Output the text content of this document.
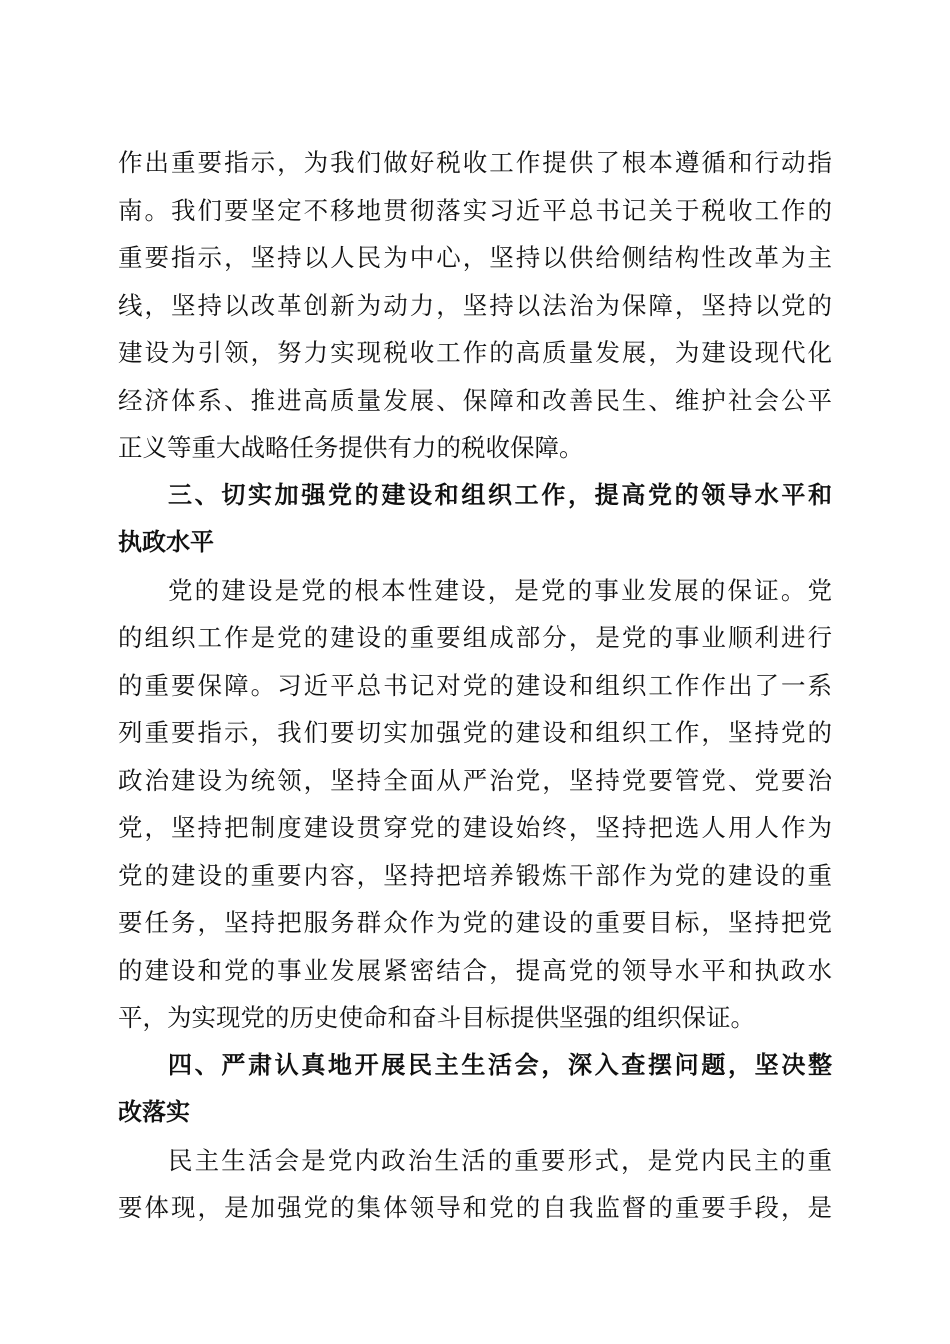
作出重要指示，为我们做好税收工作提供了根本遵循和行动指
南。我们要坚定不移地贯彻落实习近平总书记关于税收工作的
重要指示，坚持以人民为中心，坚持以供给侧结构性改革为主
线，坚持以改革创新为动力，坚持以法治为保障，坚持以党的
建设为引领，努力实现税收工作的高质量发展，为建设现代化
经济体系、推进高质量发展、保障和改善民生、维护社会公平
正义等重大战略任务提供有力的税收保障。
三、切实加强党的建设和组织工作，提高党的领导水平和
执政水平
党的建设是党的根本性建设，是党的事业发展的保证。党
的组织工作是党的建设的重要组成部分，是党的事业顺利进行
的重要保障。习近平总书记对党的建设和组织工作作出了一系
列重要指示，我们要切实加强党的建设和组织工作，坚持党的
政治建设为统领，坚持全面从严治党，坚持党要管党、党要治
党，坚持把制度建设贯穿党的建设始终，坚持把选人用人作为
党的建设的重要内容，坚持把培养锻炼干部作为党的建设的重
要任务，坚持把服务群众作为党的建设的重要目标，坚持把党
的建设和党的事业发展紧密结合，提高党的领导水平和执政水
平，为实现党的历史使命和奋斗目标提供坚强的组织保证。
四、严肃认真地开展民主生活会，深入查摆问题，坚决整
改落实
民主生活会是党内政治生活的重要形式，是党内民主的重
要体现，是加强党的集体领导和党的自我监督的重要手段，是
